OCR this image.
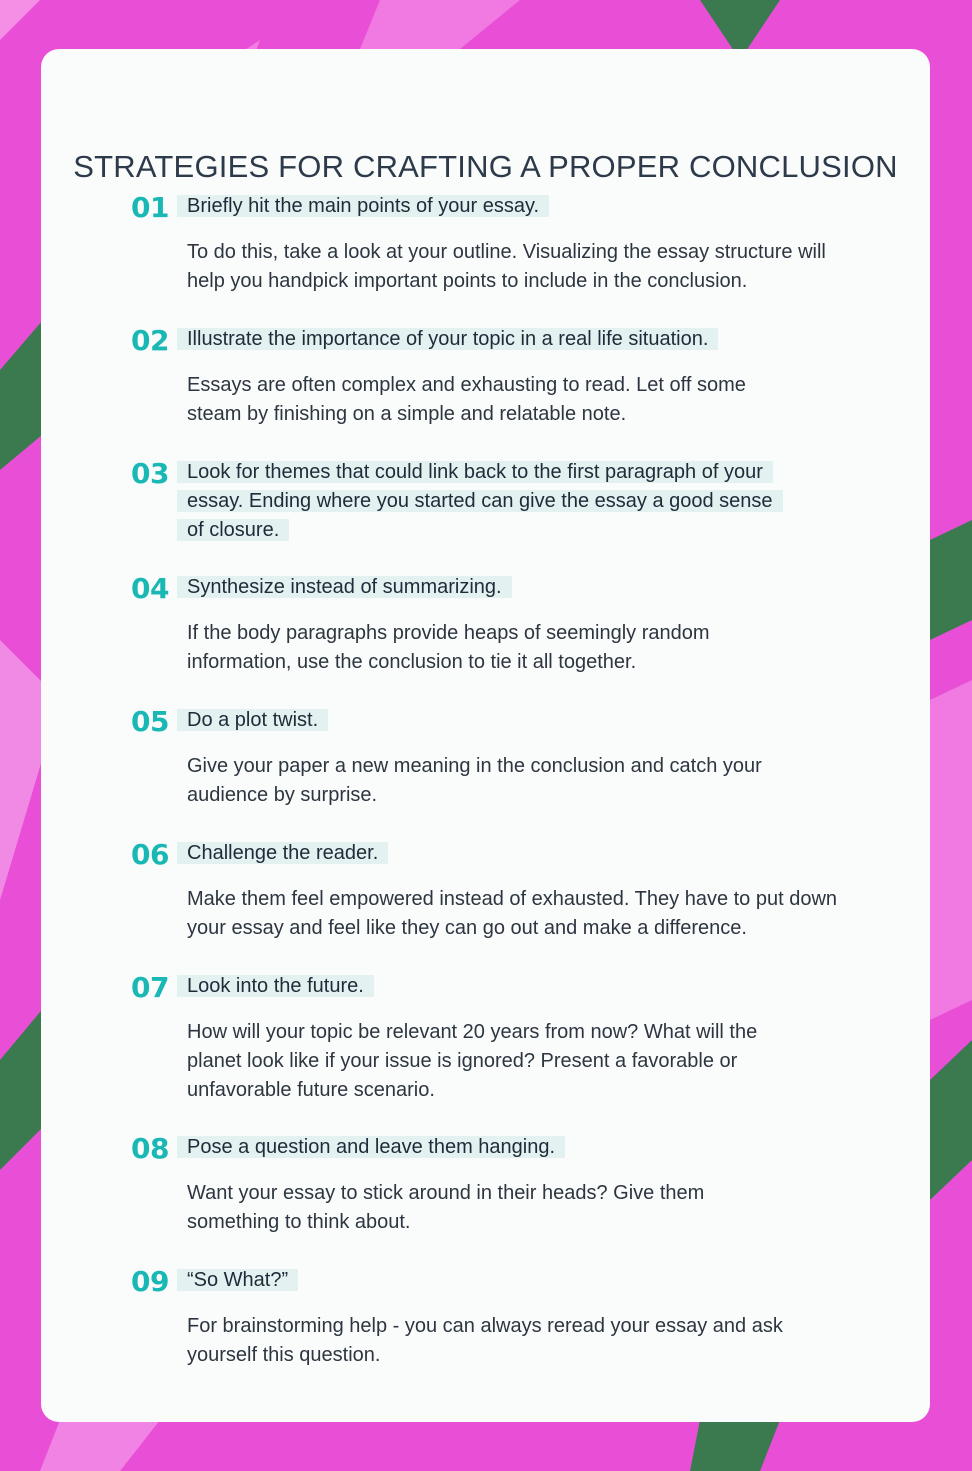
STRATEGIES FOR CRAFTING A PROPER CONCLUSION
01 Briefly hit the main points of your essay.

To do this, take a look at your outline. Visualizing the essay structure will help you handpick important points to include in the conclusion.

02 Illustrate the importance of your topic in a real life situation.

Essays are often complex and exhausting to read. Let off some steam by finishing on a simple and relatable note.

03 Look for themes that could link back to the first paragraph of your essay. Ending where you started can give the essay a good sense of closure.
04 Synthesize instead of summarizing.

If the body paragraphs provide heaps of seemingly random information, use the conclusion to tie it all together.

05 Do a plot twist.

Give your paper a new meaning in the conclusion and catch your audience by surprise.

06 Challenge the reader.

Make them feel empowered instead of exhausted. They have to put down your essay and feel like they can go out and make a difference.

07 Look into the future.

How will your topic be relevant 20 years from now? What will the planet look like if your issue is ignored? Present a favorable or unfavorable future scenario.

08 Pose a question and leave them hanging.

Want your essay to stick around in their heads? Give them something to think about.

09 “So What?”

For brainstorming help - you can always reread your essay and ask yourself this question.
